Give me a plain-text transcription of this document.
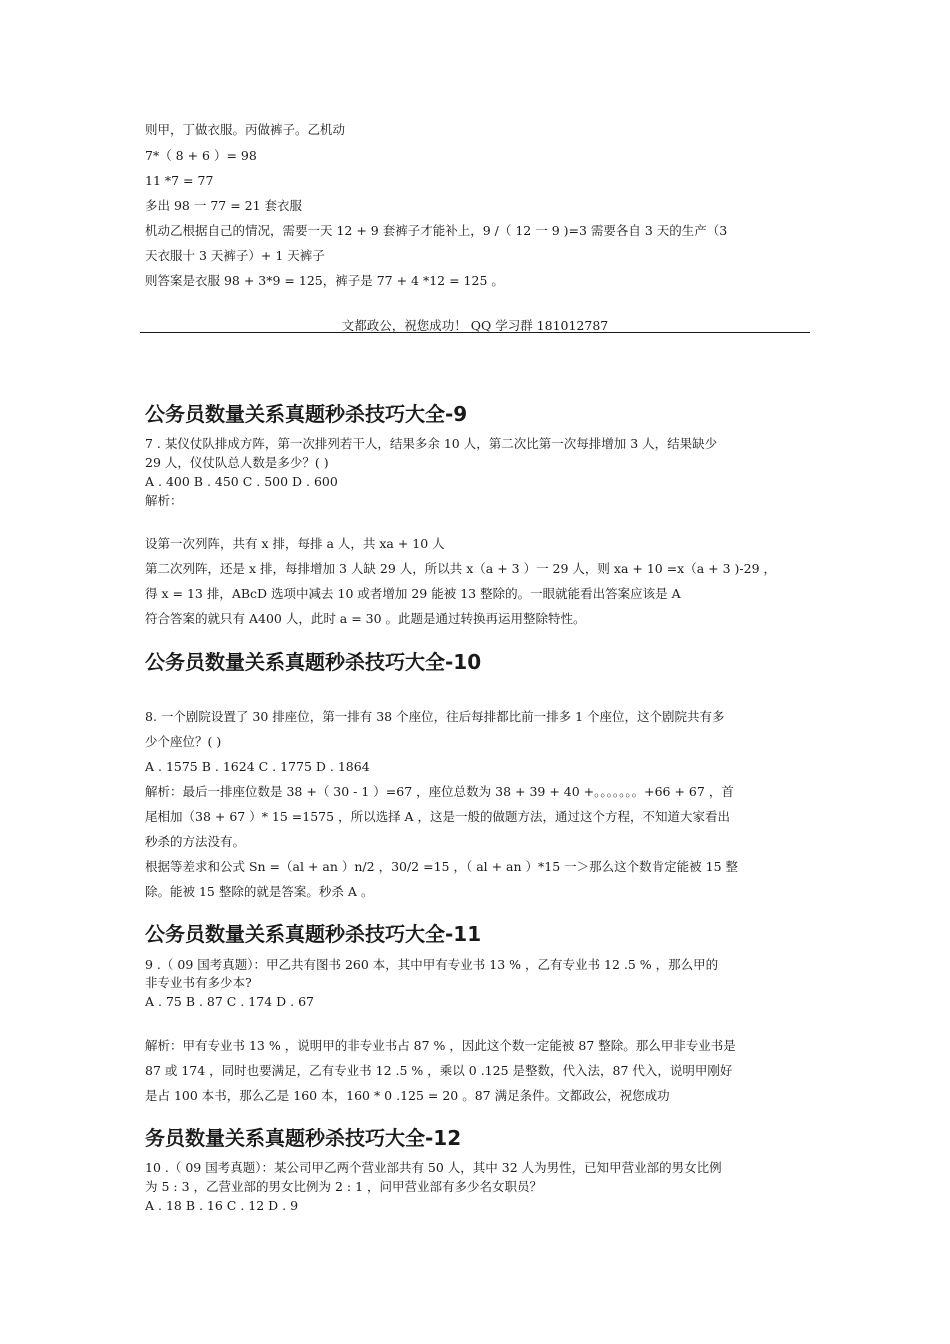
则甲，丁做衣服。丙做裤子。乙机动
7*（ 8 + 6 ）= 98
11 *7 = 77
多出 98 一 77 = 21 套衣服
机动乙根据自己的情况，需要一天 12 + 9 套裤子才能补上，9 /（ 12 一 9 )=3 需要各自 3 天的生产（3
天衣服十 3 天裤子）+ 1 天裤子
则答案是衣服 98 + 3*9 = 125，裤子是 77 + 4 *12 = 125 。
公务员数量关系真题秒杀技巧大全-9
7 . 某仪仗队排成方阵，第一次排列若干人，结果多余 10 人，第二次比第一次每排增加 3 人，结果缺少
29 人，仪仗队总人数是多少？( )
A . 400 B . 450 C . 500 D . 600
解析：
设第一次列阵，共有 x 排，每排 a 人，共 xa + 10 人
第二次列阵，还是 x 排，每排增加 3 人缺 29 人，所以共 x（a + 3 ）一 29 人，则 xa + 10 =x（a + 3 )-29 ，
得 x = 13 排，ABcD 选项中减去 10 或者增加 29 能被 13 整除的。一眼就能看出答案应该是 A
符合答案的就只有 A400 人，此时 a = 30 。此题是通过转换再运用整除特性。
公务员数量关系真题秒杀技巧大全-10
8. 一个剧院设置了 30 排座位，第一排有 38 个座位，往后每排都比前一排多 1 个座位，这个剧院共有多
少个座位？( )
A . 1575 B . 1624 C . 1775 D . 1864
解析：最后一排座位数是 38 +（ 30 - 1 ）=67 ，座位总数为 38 + 39 + 40 +。。。。。。。+66 + 67 ，首
尾相加（38 + 67 ）* 15 =1575 ，所以选择 A ，这是一般的做题方法，通过这个方程，不知道大家看出
秒杀的方法没有。
根据等差求和公式 Sn =（al + an ）n/2 ，30/2 =15 ，（ al + an ）*15 一＞那么这个数肯定能被 15 整
除。能被 15 整除的就是答案。秒杀 A 。
公务员数量关系真题秒杀技巧大全-11
9 .（ 09 国考真题）：甲乙共有图书 260 本，其中甲有专业书 13 % ，乙有专业书 12 .5 % ，那么甲的
非专业书有多少本?
A . 75 B . 87 C . 174 D . 67
解析：甲有专业书 13 % ，说明甲的非专业书占 87 % ，因此这个数一定能被 87 整除。那么甲非专业书是
87 或 174 ，同时也要满足，乙有专业书 12 .5 % ，乘以 0 .125 是整数，代入法，87 代入，说明甲刚好
是占 100 本书，那么乙是 160 本，160 * 0 .125 = 20 。87 满足条件。文都政公，祝您成功
务员数量关系真题秒杀技巧大全-12
10 .（ 09 国考真题）：某公司甲乙两个营业部共有 50 人，其中 32 人为男性，已知甲营业部的男女比例
为 5 : 3 ，乙营业部的男女比例为 2 : 1 ，问甲营业部有多少名女职员？
A . 18 B . 16 C . 12 D . 9
文都政公，祝您成功！ QQ 学习群 181012787
